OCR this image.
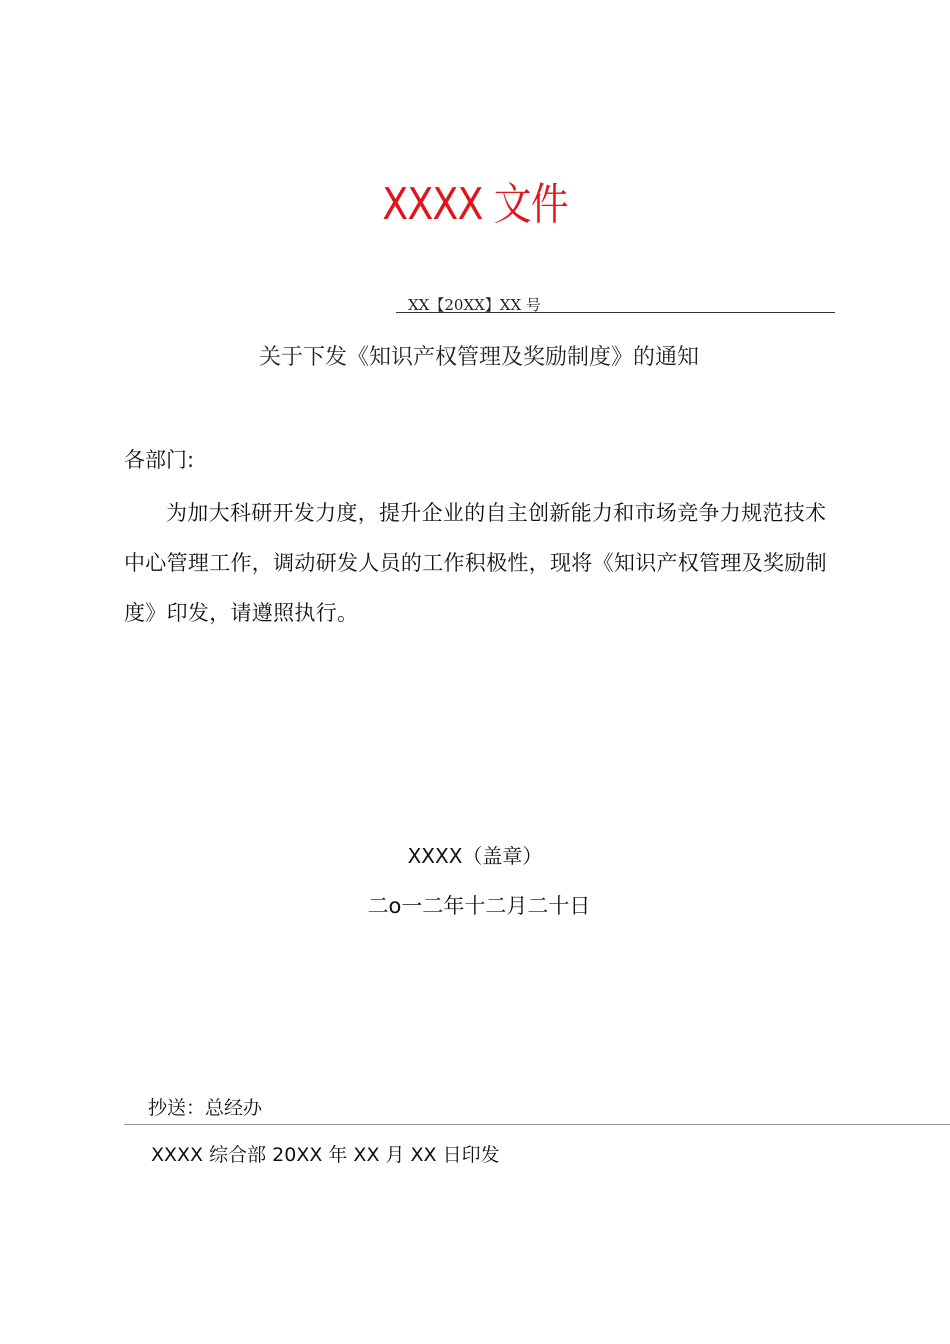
XXXX 文件
XX【20XX】XX 号
关于下发《知识产权管理及奖励制度》的通知
各部门:
为加大科研开发力度，提升企业的自主创新能力和市场竞争力规范技术中心管理工作，调动研发人员的工作积极性，现将《知识产权管理及奖励制度》印发，请遵照执行。
XXXX（盖章）
二o一二年十二月二十日
抄送：总经办
XXXX 综合部 20XX 年 XX 月 XX 日印发
